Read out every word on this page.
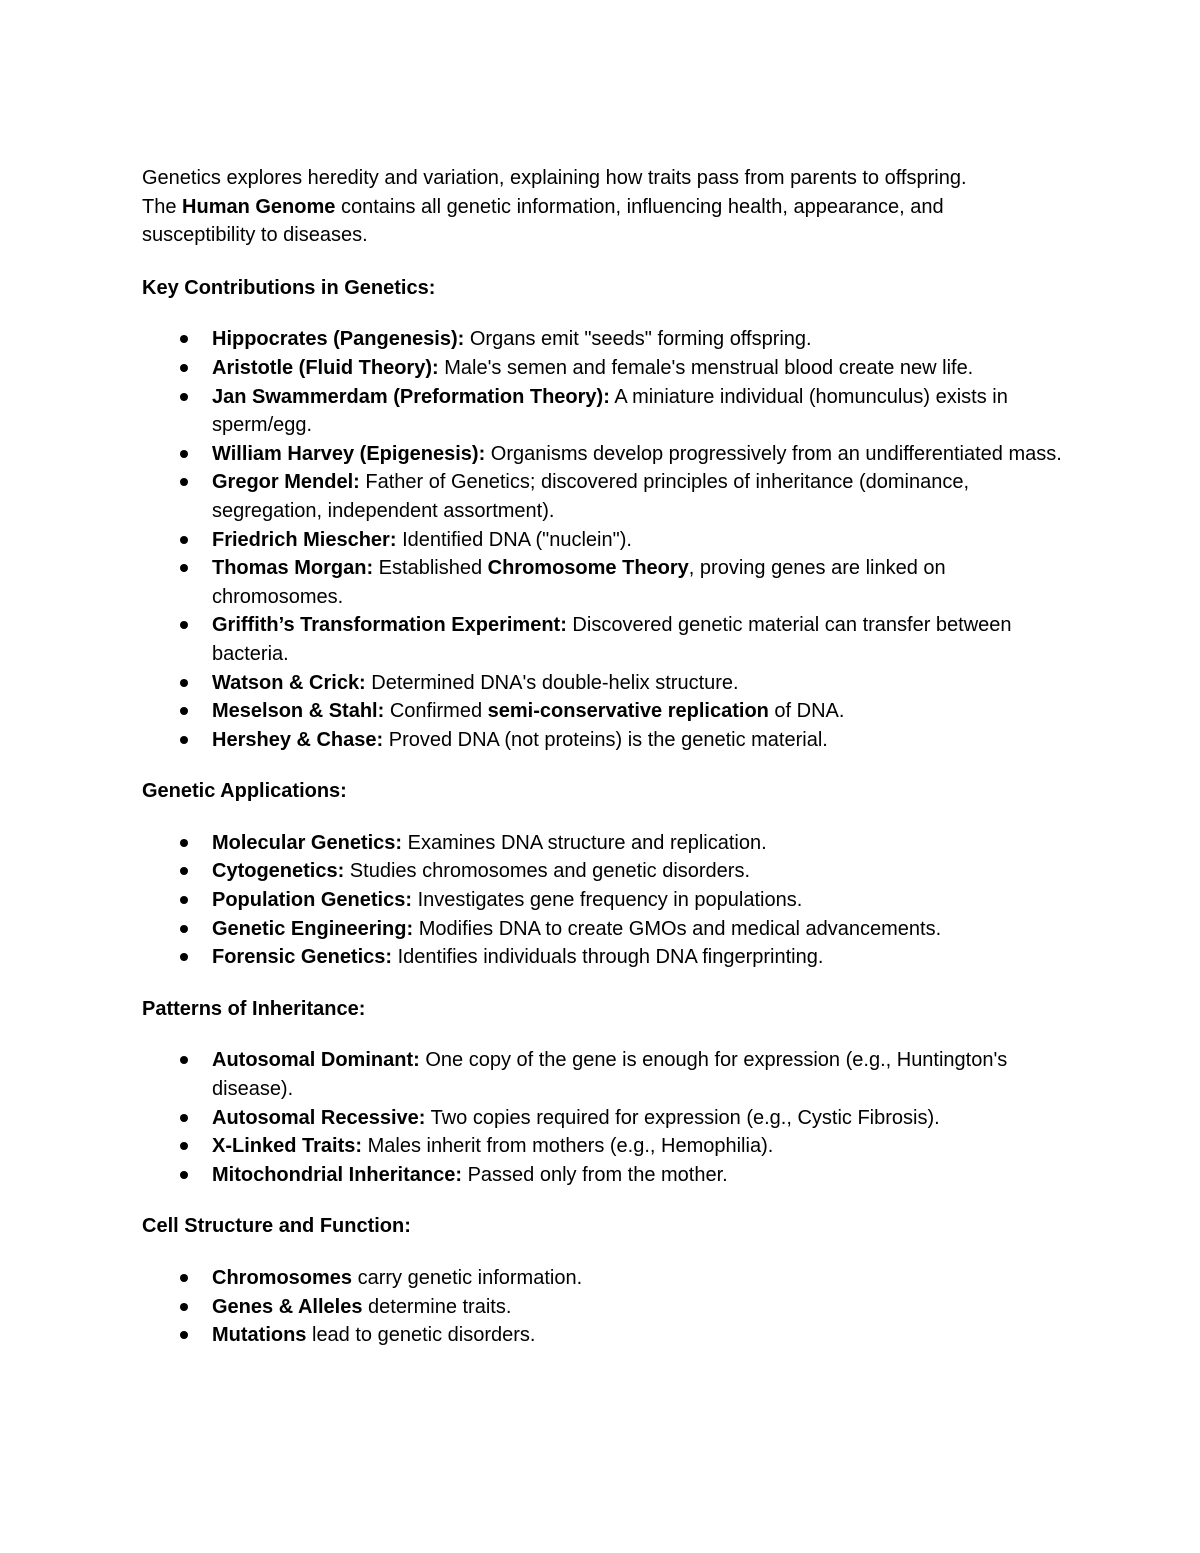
Genetics explores heredity and variation, explaining how traits pass from parents to offspring.
The Human Genome contains all genetic information, influencing health, appearance, and susceptibility to diseases.

Key Contributions in Genetics:

Hippocrates (Pangenesis): Organs emit "seeds" forming offspring.
Aristotle (Fluid Theory): Male's semen and female's menstrual blood create new life.
Jan Swammerdam (Preformation Theory): A miniature individual (homunculus) exists in sperm/egg.
William Harvey (Epigenesis): Organisms develop progressively from an undifferentiated mass.
Gregor Mendel: Father of Genetics; discovered principles of inheritance (dominance, segregation, independent assortment).
Friedrich Miescher: Identified DNA ("nuclein").
Thomas Morgan: Established Chromosome Theory, proving genes are linked on chromosomes.
Griffith’s Transformation Experiment: Discovered genetic material can transfer between bacteria.
Watson & Crick: Determined DNA's double-helix structure.
Meselson & Stahl: Confirmed semi-conservative replication of DNA.
Hershey & Chase: Proved DNA (not proteins) is the genetic material.

Genetic Applications:

Molecular Genetics: Examines DNA structure and replication.
Cytogenetics: Studies chromosomes and genetic disorders.
Population Genetics: Investigates gene frequency in populations.
Genetic Engineering: Modifies DNA to create GMOs and medical advancements.
Forensic Genetics: Identifies individuals through DNA fingerprinting.

Patterns of Inheritance:

Autosomal Dominant: One copy of the gene is enough for expression (e.g., Huntington's disease).
Autosomal Recessive: Two copies required for expression (e.g., Cystic Fibrosis).
X-Linked Traits: Males inherit from mothers (e.g., Hemophilia).
Mitochondrial Inheritance: Passed only from the mother.

Cell Structure and Function:

Chromosomes carry genetic information.
Genes & Alleles determine traits.
Mutations lead to genetic disorders.
